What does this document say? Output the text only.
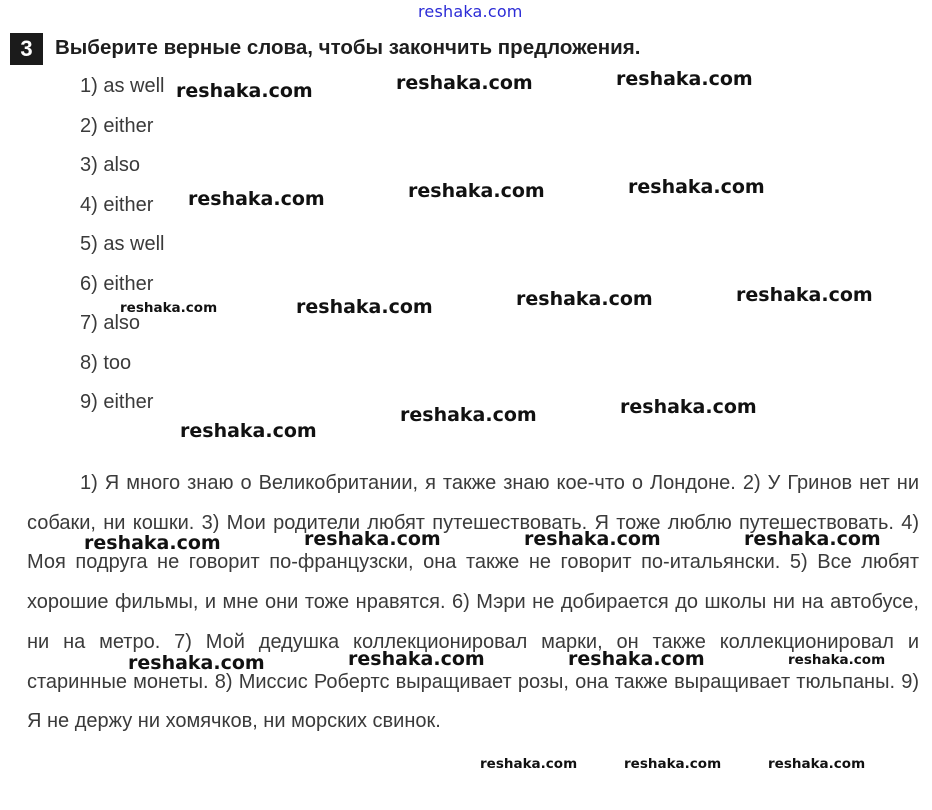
reshaka.com
3	Выберите верные слова, чтобы закончить предложения.
1) as well
2) either
3) also
4) either
5) as well
6) either
7) also
8) too
9) either

1) Я много знаю о Великобритании, я также знаю кое-что о Лондоне. 2) У Гринов нет ни собаки, ни кошки. 3) Мои родители любят путешествовать. Я тоже люблю путешествовать. 4) Моя подруга не говорит по-французски, она также не говорит по-итальянски. 5) Все любят хорошие фильмы, и мне они тоже нравятся. 6) Мэри не добирается до школы ни на автобусе, ни на метро. 7) Мой дедушка коллекционировал марки, он также коллекционировал и старинные монеты. 8) Миссис Робертс выращивает розы, она также выращивает тюльпаны. 9) Я не держу ни хомячков, ни морских свинок.

reshaka.com	reshaka.com	reshaka.com
reshaka.com	reshaka.com	reshaka.com
reshaka.com	reshaka.com	reshaka.com	reshaka.com
reshaka.com
reshaka.com	reshaka.com
reshaka.com	reshaka.com	reshaka.com	reshaka.com
reshaka.com	reshaka.com	reshaka.com	reshaka.com
reshaka.com	reshaka.com	reshaka.com
